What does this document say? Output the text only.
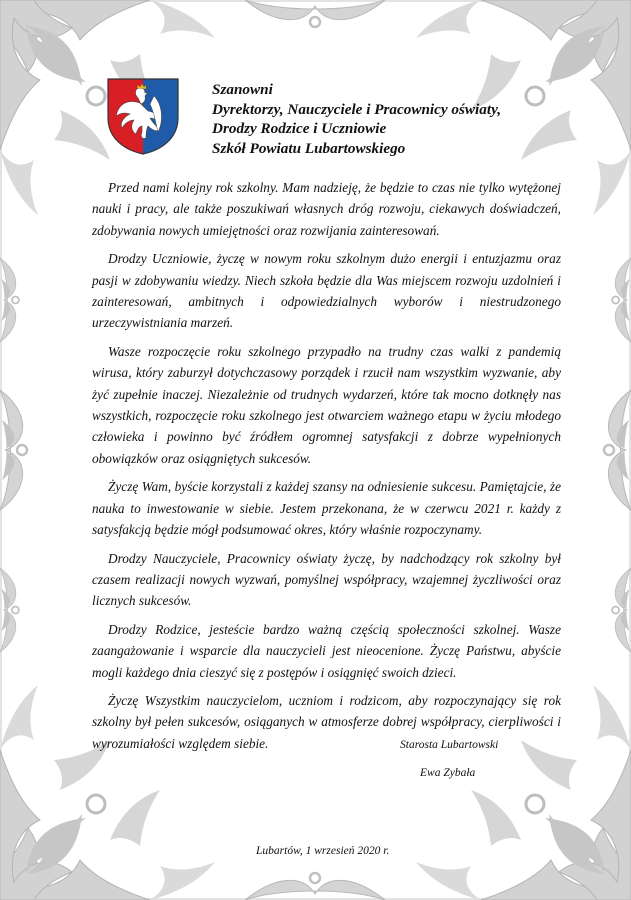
Szanowni
Dyrektorzy, Nauczyciele i Pracownicy oświaty,
Drodzy Rodzice i Uczniowie
Szkół Powiatu Lubartowskiego

Przed nami kolejny rok szkolny. Mam nadzieję, że będzie to czas nie tylko wytężonej nauki i pracy, ale także poszukiwań własnych dróg rozwoju, ciekawych doświadczeń, zdobywania nowych umiejętności oraz rozwijania zainteresowań.

Drodzy Uczniowie, życzę w nowym roku szkolnym dużo energii i entuzjazmu oraz pasji w zdobywaniu wiedzy. Niech szkoła będzie dla Was miejscem rozwoju uzdolnień i zainteresowań, ambitnych i odpowiedzialnych wyborów i niestrudzonego urzeczywistniania marzeń.

Wasze rozpoczęcie roku szkolnego przypadło na trudny czas walki z pandemią wirusa, który zaburzył dotychczasowy porządek i rzucił nam wszystkim wyzwanie, aby żyć zupełnie inaczej. Niezależnie od trudnych wydarzeń, które tak mocno dotknęły nas wszystkich, rozpoczęcie roku szkolnego jest otwarciem ważnego etapu w życiu młodego człowieka i powinno być źródłem ogromnej satysfakcji z dobrze wypełnionych obowiązków oraz osiągniętych sukcesów.

Życzę Wam, byście korzystali z każdej szansy na odniesienie sukcesu. Pamiętajcie, że nauka to inwestowanie w siebie. Jestem przekonana, że w czerwcu 2021 r. każdy z satysfakcją będzie mógł podsumować okres, który właśnie rozpoczynamy.

Drodzy Nauczyciele, Pracownicy oświaty życzę, by nadchodzący rok szkolny był czasem realizacji nowych wyzwań, pomyślnej współpracy, wzajemnej życzliwości oraz licznych sukcesów.

Drodzy Rodzice, jesteście bardzo ważną częścią społeczności szkolnej. Wasze zaangażowanie i wsparcie dla nauczycieli jest nieocenione. Życzę Państwu, abyście mogli każdego dnia cieszyć się z postępów i osiągnięć swoich dzieci.

Życzę Wszystkim nauczycielom, uczniom i rodzicom, aby rozpoczynający się rok szkolny był pełen sukcesów, osiąganych w atmosferze dobrej współpracy, cierpliwości i wyrozumiałości względem siebie.	Starosta Lubartowski
Ewa Zybała
Lubartów, 1 wrzesień 2020 r.
